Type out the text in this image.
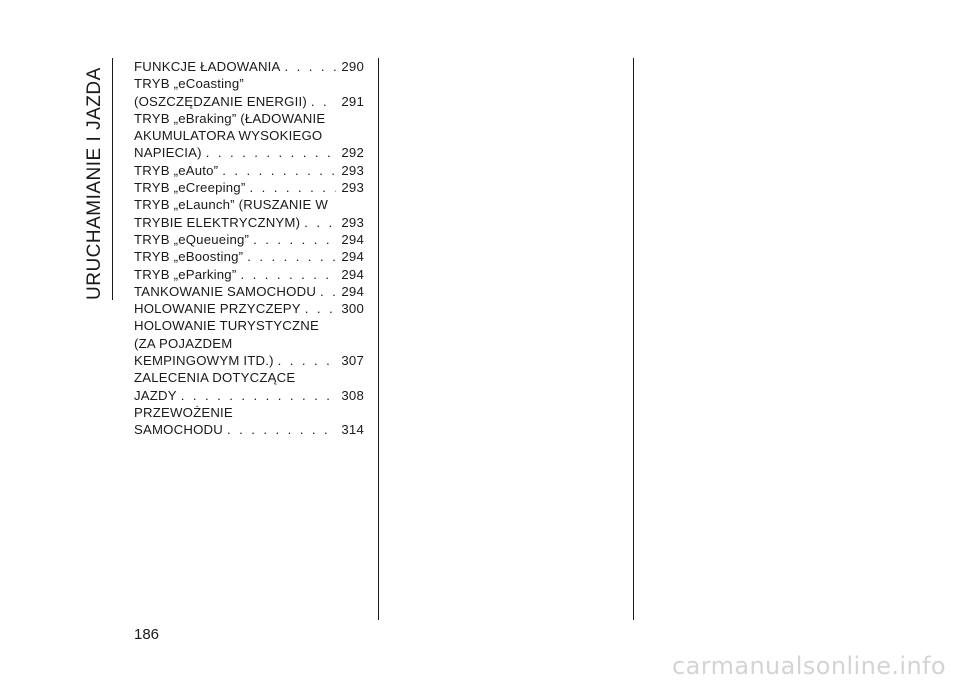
URUCHAMIANIE I JAZDA
FUNKCJE ŁADOWANIA . . .	290
TRYB „eCoasting”
(OSZCZĘDZANIE ENERGII) . . .	291
TRYB „eBraking” (ŁADOWANIE
AKUMULATORA WYSOKIEGO
NAPIECIA) . . .	292
TRYB „eAuto” . . .	293
TRYB „eCreeping” . . .	293
TRYB „eLaunch” (RUSZANIE W
TRYBIE ELEKTRYCZNYM) . . .	293
TRYB „eQueueing” . . .	294
TRYB „eBoosting” . . .	294
TRYB „eParking” . . .	294
TANKOWANIE SAMOCHODU . . .	294
HOLOWANIE PRZYCZEPY . . .	300
HOLOWANIE TURYSTYCZNE
(ZA POJAZDEM
KEMPINGOWYM ITD.) . . .	307
ZALECENIA DOTYCZĄCE
JAZDY . . .	308
PRZEWOŻENIE
SAMOCHODU . . .	314
186
carmanualsonline.info
